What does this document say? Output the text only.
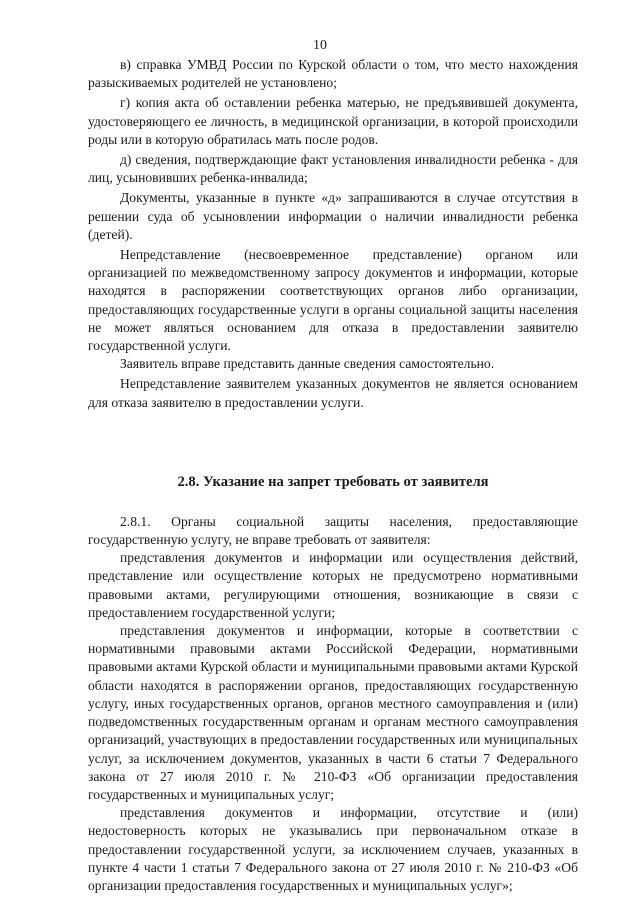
10

в) справка УМВД России по Курской области о том, что место нахождения разыскиваемых родителей не установлено;

г) копия акта об оставлении ребенка матерью, не предъявившей документа, удостоверяющего ее личность, в медицинской организации, в которой происходили роды или в которую обратилась мать после родов.

д) сведения, подтверждающие факт установления инвалидности ребенка - для лиц, усыновивших ребенка-инвалида;

Документы, указанные в пункте «д» запрашиваются в случае отсутствия в решении суда об усыновлении информации о наличии инвалидности ребенка (детей).

Непредставление (несвоевременное представление) органом или организацией по межведомственному запросу документов и информации, которые находятся в распоряжении соответствующих органов либо организации, предоставляющих государственные услуги в органы социальной защиты населения не может являться основанием для отказа в предоставлении заявителю государственной услуги.

Заявитель вправе представить данные сведения самостоятельно.

Непредставление заявителем указанных документов не является основанием для отказа заявителю в предоставлении услуги.

2.8. Указание на запрет требовать от заявителя

2.8.1. Органы социальной защиты населения, предоставляющие государственную услугу, не вправе требовать от заявителя:

представления документов и информации или осуществления действий, представление или осуществление которых не предусмотрено нормативными правовыми актами, регулирующими отношения, возникающие в связи с предоставлением государственной услуги;

представления документов и информации, которые в соответствии с нормативными правовыми актами Российской Федерации, нормативными правовыми актами Курской области и муниципальными правовыми актами Курской области находятся в распоряжении органов, предоставляющих государственную услугу, иных государственных органов, органов местного самоуправления и (или) подведомственных государственным органам и органам местного самоуправления организаций, участвующих в предоставлении государственных или муниципальных услуг, за исключением документов, указанных в части 6 статьи 7 Федерального закона от 27 июля 2010 г. № 210-ФЗ «Об организации предоставления государственных и муниципальных услуг;

представления документов и информации, отсутствие и (или) недостоверность которых не указывались при первоначальном отказе в предоставлении государственной услуги, за исключением случаев, указанных в пункте 4 части 1 статьи 7 Федерального закона от 27 июля 2010 г. № 210-ФЗ «Об организации предоставления государственных и муниципальных услуг»;
